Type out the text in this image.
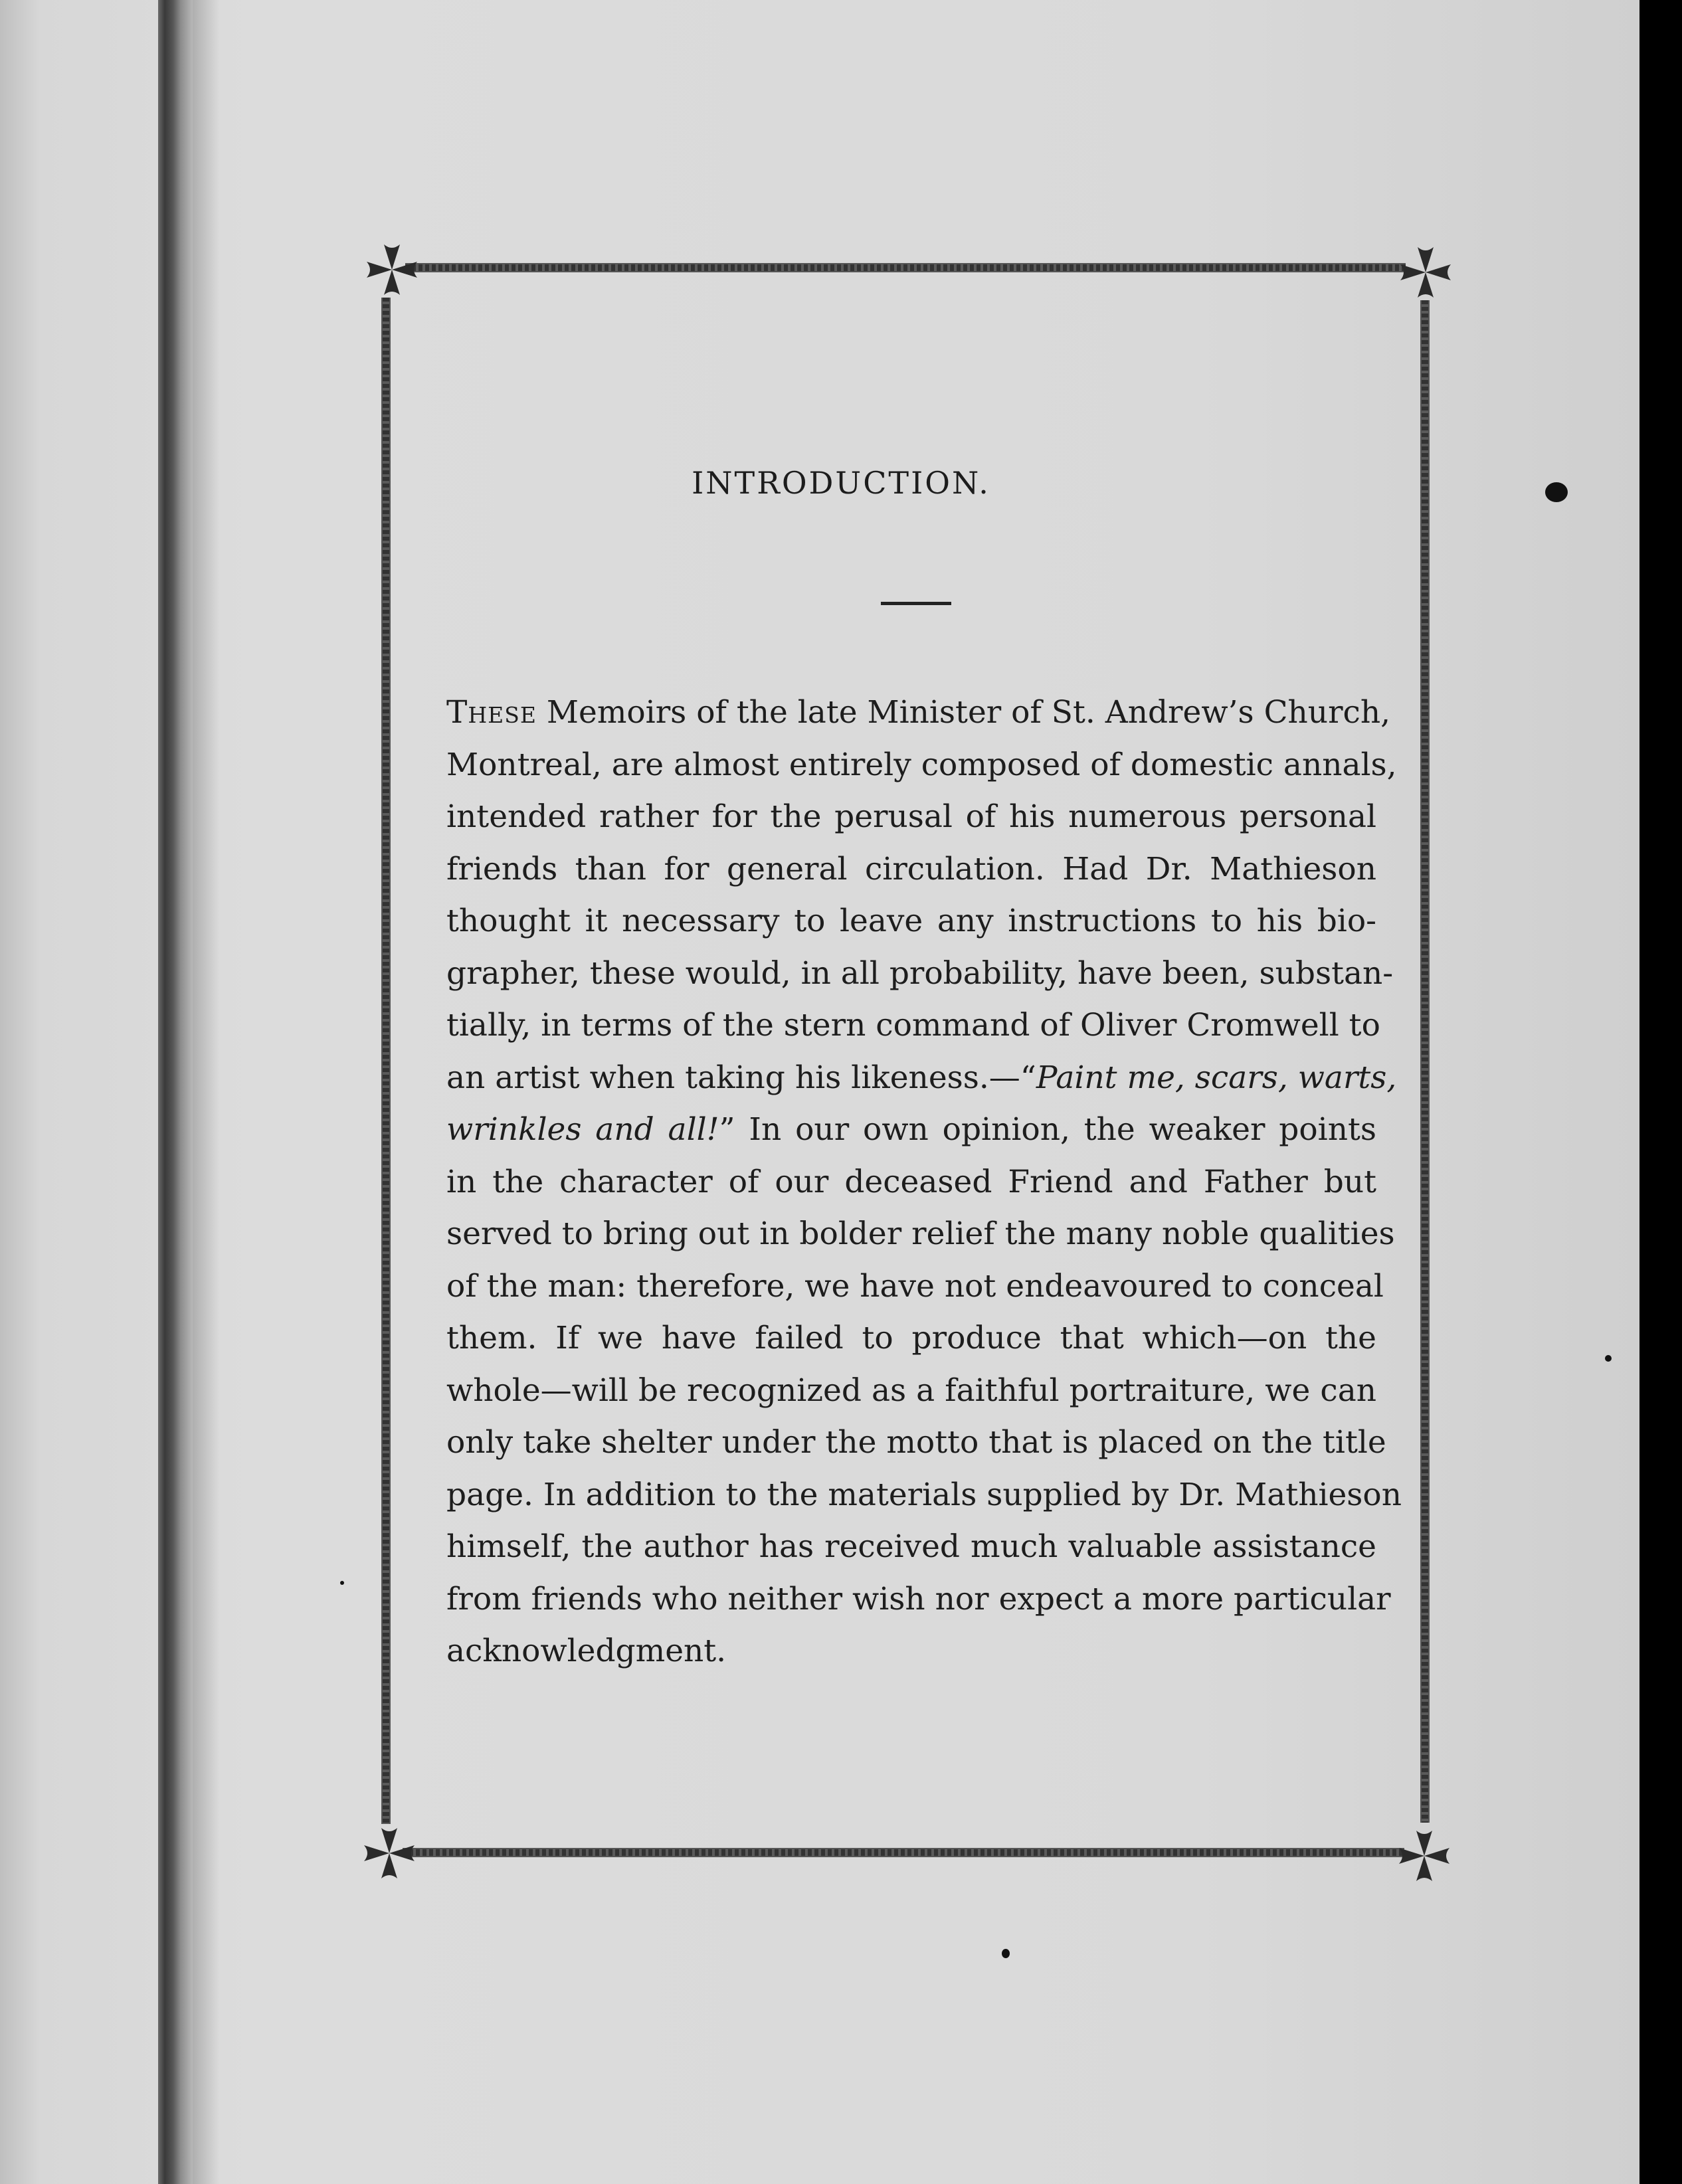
INTRODUCTION.
These Memoirs of the late Minister of St. Andrew’s Church,
Montreal, are almost entirely composed of domestic annals,
intended rather for the perusal of his numerous personal
friends than for general circulation. Had Dr. Mathieson
thought it necessary to leave any instructions to his bio-
grapher, these would, in all probability, have been, substan-
tially, in terms of the stern command of Oliver Cromwell to
an artist when taking his likeness.—“Paint me, scars, warts,
wrinkles and all!” In our own opinion, the weaker points
in the character of our deceased Friend and Father but
served to bring out in bolder relief the many noble qualities
of the man: therefore, we have not endeavoured to conceal
them. If we have failed to produce that which—on the
whole—will be recognized as a faithful portraiture, we can
only take shelter under the motto that is placed on the title
page. In addition to the materials supplied by Dr. Mathieson
himself, the author has received much valuable assistance
from friends who neither wish nor expect a more particular
acknowledgment.
